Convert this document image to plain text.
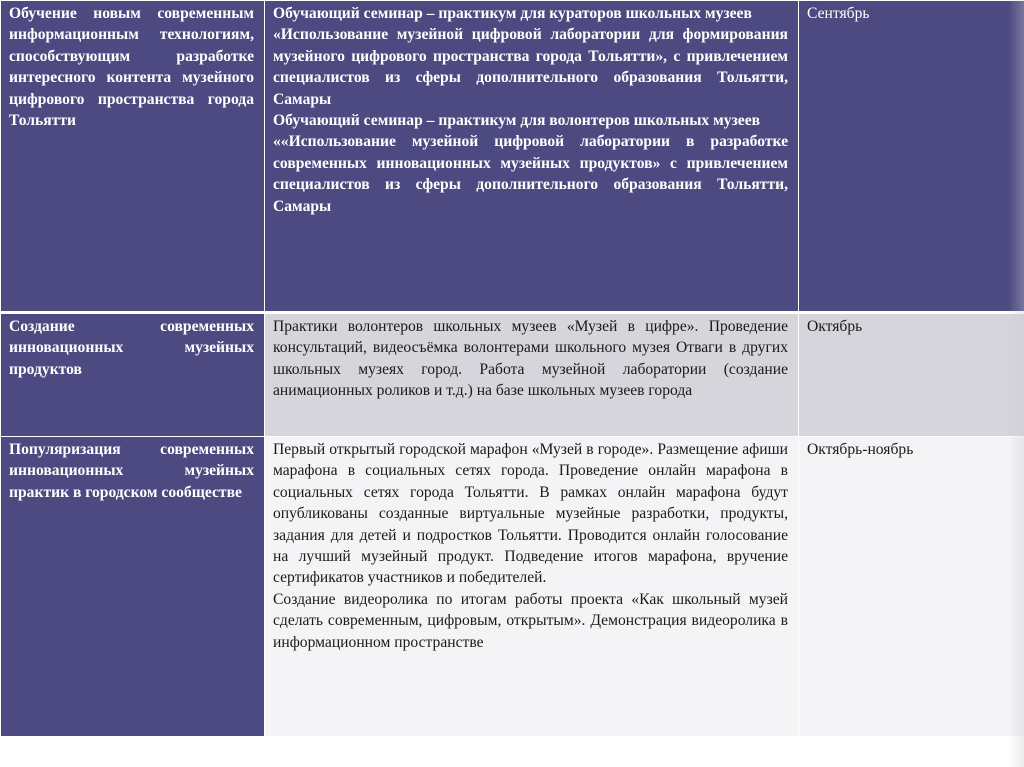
Обучение новым современным информационным технологиям, способствующим разработке интересного контента музейного цифрового пространства города Тольятти	Обучающий семинар – практикум для кураторов школьных музеев
«Использование музейной цифровой лаборатории для формирования музейного цифрового пространства города Тольятти», с привлечением специалистов из сферы дополнительного образования Тольятти, Самары
Обучающий семинар – практикум для волонтеров школьных музеев
««Использование музейной цифровой лаборатории в разработке современных инновационных музейных продуктов» с привлечением специалистов из сферы дополнительного образования Тольятти, Самары	Сентябрь
Создание современных инновационных музейных продуктов	Практики волонтеров школьных музеев «Музей в цифре». Проведение консультаций, видеосъёмка волонтерами школьного музея Отваги в других школьных музеях город. Работа музейной лаборатории (создание анимационных роликов и т.д.) на базе школьных музеев города	Октябрь
Популяризация современных инновационных музейных практик в городском сообществе	Первый открытый городской марафон «Музей в городе». Размещение афиши марафона в социальных сетях города. Проведение онлайн марафона в социальных сетях города Тольятти. В рамках онлайн марафона будут опубликованы созданные виртуальные музейные разработки, продукты, задания для детей и подростков Тольятти. Проводится онлайн голосование на лучший музейный продукт. Подведение итогов марафона, вручение сертификатов участников и победителей.
Создание видеоролика по итогам работы проекта «Как школьный музей сделать современным, цифровым, открытым». Демонстрация видеоролика в информационном пространстве	Октябрь-ноябрь
